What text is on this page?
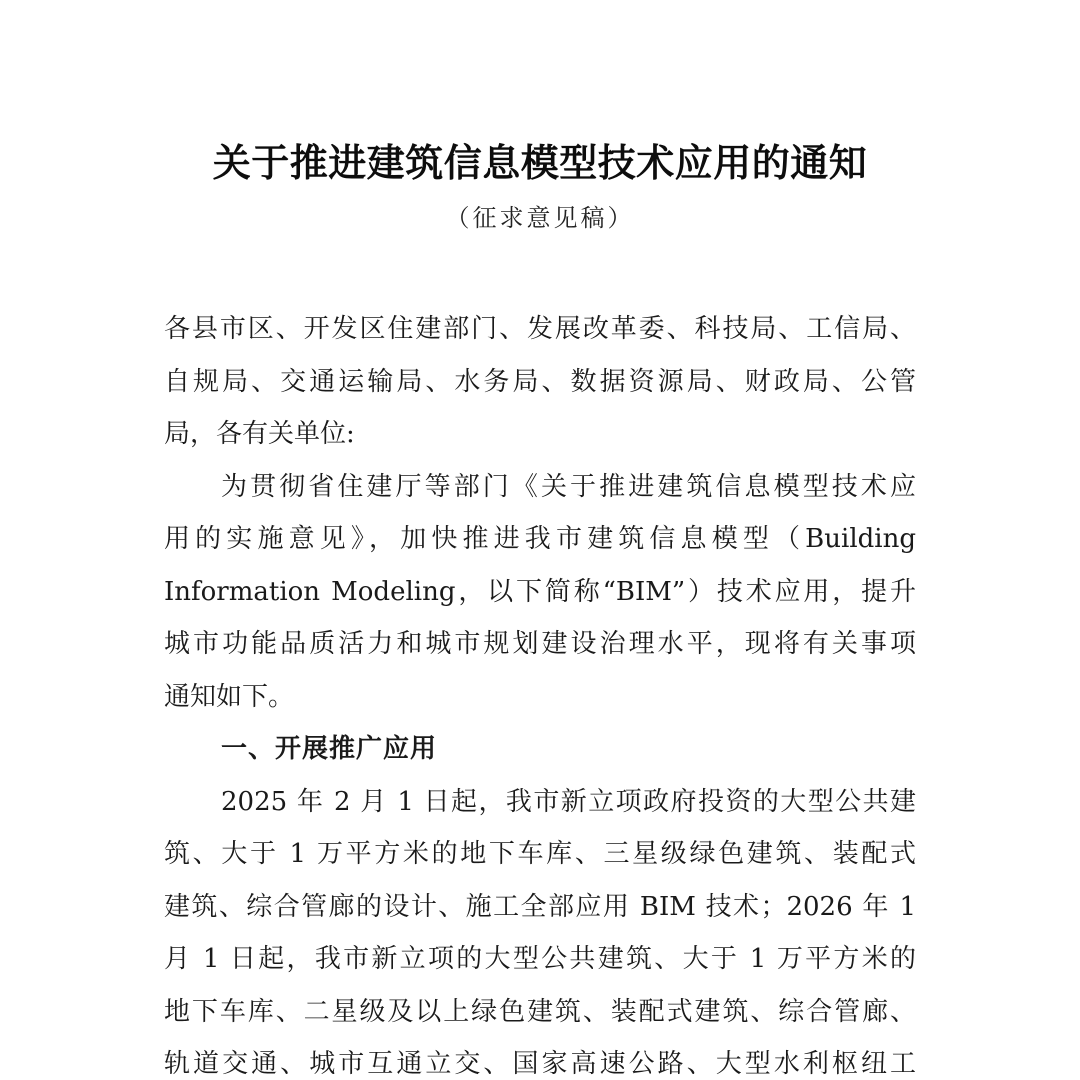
关于推进建筑信息模型技术应用的通知
（征求意见稿）
各县市区、开发区住建部门、发展改革委、科技局、工信局、
自规局、交通运输局、水务局、数据资源局、财政局、公管
局，各有关单位:
为贯彻省住建厅等部门《关于推进建筑信息模型技术应
用的实施意见》，加快推进我市建筑信息模型（Building
Information Modeling，以下简称“BIM”）技术应用，提升
城市功能品质活力和城市规划建设治理水平，现将有关事项
通知如下。
一、开展推广应用
2025 年 2 月 1 日起，我市新立项政府投资的大型公共建
筑、大于 1 万平方米的地下车库、三星级绿色建筑、装配式
建筑、综合管廊的设计、施工全部应用 BIM 技术；2026 年 1
月 1 日起，我市新立项的大型公共建筑、大于 1 万平方米的
地下车库、二星级及以上绿色建筑、装配式建筑、综合管廊、
轨道交通、城市互通立交、国家高速公路、大型水利枢纽工
